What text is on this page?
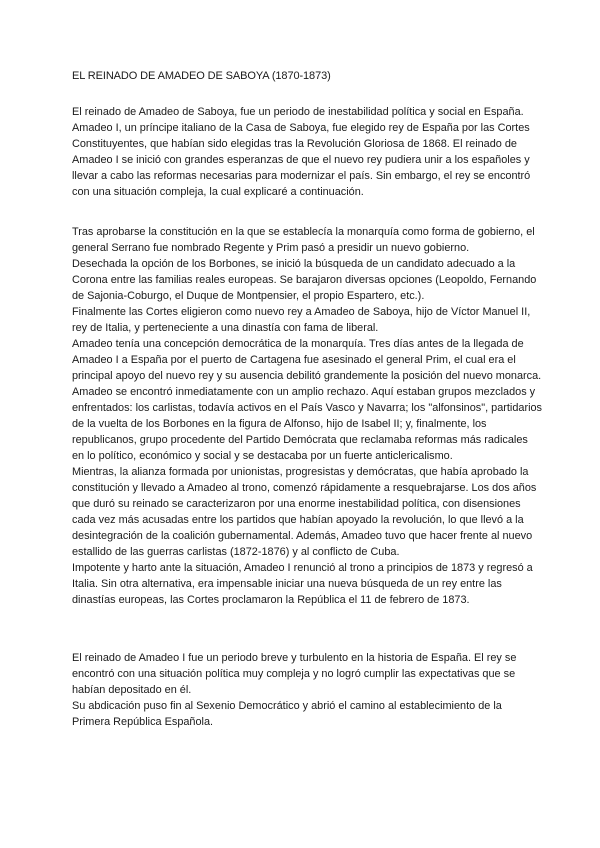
EL REINADO DE AMADEO DE SABOYA (1870-1873)

El reinado de Amadeo de Saboya, fue un periodo de inestabilidad política y social en España. Amadeo I, un príncipe italiano de la Casa de Saboya, fue elegido rey de España por las Cortes Constituyentes, que habían sido elegidas tras la Revolución Gloriosa de 1868. El reinado de Amadeo I se inició con grandes esperanzas de que el nuevo rey pudiera unir a los españoles y llevar a cabo las reformas necesarias para modernizar el país. Sin embargo, el rey se encontró con una situación compleja, la cual explicaré a continuación.

Tras aprobarse la constitución en la que se establecía la monarquía como forma de gobierno, el general Serrano fue nombrado Regente y Prim pasó a presidir un nuevo gobierno.

Desechada la opción de los Borbones, se inició la búsqueda de un candidato adecuado a la Corona entre las familias reales europeas. Se barajaron diversas opciones (Leopoldo, Fernando de Sajonia-Coburgo, el Duque de Montpensier, el propio Espartero, etc.).

Finalmente las Cortes eligieron como nuevo rey a Amadeo de Saboya, hijo de Víctor Manuel II, rey de Italia, y perteneciente a una dinastía con fama de liberal.

Amadeo tenía una concepción democrática de la monarquía. Tres días antes de la llegada de Amadeo I a España por el puerto de Cartagena fue asesinado el general Prim, el cual era el principal apoyo del nuevo rey y su ausencia debilitó grandemente la posición del nuevo monarca.

Amadeo se encontró inmediatamente con un amplio rechazo. Aquí estaban grupos mezclados y enfrentados: los carlistas, todavía activos en el País Vasco y Navarra; los "alfonsinos", partidarios de la vuelta de los Borbones en la figura de Alfonso, hijo de Isabel II; y, finalmente, los republicanos, grupo procedente del Partido Demócrata que reclamaba reformas más radicales en lo político, económico y social y se destacaba por un fuerte anticlericalismo.

Mientras, la alianza formada por unionistas, progresistas y demócratas, que había aprobado la constitución y llevado a Amadeo al trono, comenzó rápidamente a resquebrajarse. Los dos años que duró su reinado se caracterizaron por una enorme inestabilidad política, con disensiones cada vez más acusadas entre los partidos que habían apoyado la revolución, lo que llevó a la desintegración de la coalición gubernamental. Además, Amadeo tuvo que hacer frente al nuevo estallido de las guerras carlistas (1872-1876) y al conflicto de Cuba.

Impotente y harto ante la situación, Amadeo I renunció al trono a principios de 1873 y regresó a Italia. Sin otra alternativa, era impensable iniciar una nueva búsqueda de un rey entre las dinastías europeas, las Cortes proclamaron la República el 11 de febrero de 1873.

El reinado de Amadeo I fue un periodo breve y turbulento en la historia de España. El rey se encontró con una situación política muy compleja y no logró cumplir las expectativas que se habían depositado en él.

Su abdicación puso fin al Sexenio Democrático y abrió el camino al establecimiento de la Primera República Española.
